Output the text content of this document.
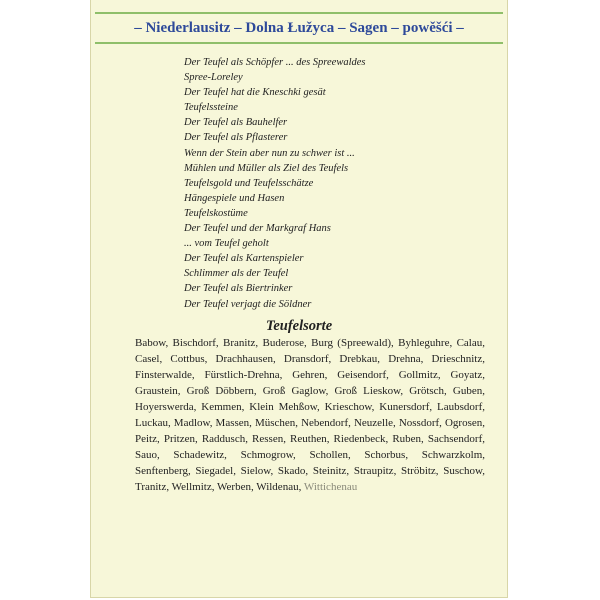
– Niederlausitz – Dolna Łužyca – Sagen – powěšći –
Der Teufel als Schöpfer ... des Spreewaldes
Spree-Loreley
Der Teufel hat die Kneschki gesät
Teufelssteine
Der Teufel als Bauhelfer
Der Teufel als Pflasterer
Wenn der Stein aber nun zu schwer ist ...
Mühlen und Müller als Ziel des Teufels
Teufelsgold und Teufelsschätze
Hängespiele und Hasen
Teufelskostüme
Der Teufel und der Markgraf Hans
... vom Teufel geholt
Der Teufel als Kartenspieler
Schlimmer als der Teufel
Der Teufel als Biertrinker
Der Teufel verjagt die Söldner
Teufelsorte

Babow, Bischdorf, Branitz, Buderose, Burg (Spreewald), Byhleguhre, Calau, Casel, Cottbus, Drachhausen, Dransdorf, Drebkau, Drehna, Drieschnitz, Finsterwalde, Fürstlich-Drehna, Gehren, Geisendorf, Gollmitz, Goyatz, Graustein, Groß Döbbern, Groß Gaglow, Groß Lieskow, Grötsch, Guben, Hoyerswerda, Kemmen, Klein Mehßow, Krieschow, Kunersdorf, Laubsdorf, Luckau, Madlow, Massen, Müschen, Nebendorf, Neuzelle, Nossdorf, Ogrosen, Peitz, Pritzen, Raddusch, Ressen, Reuthen, Riedenbeck, Ruben, Sachsendorf, Sauo, Schadewitz, Schmogrow, Schollen, Schorbus, Schwarzkolm, Senftenberg, Siegadel, Sielow, Skado, Steinitz, Straupitz, Ströbitz, Suschow, Tranitz, Wellmitz, Werben, Wildenau, Wittichenau
